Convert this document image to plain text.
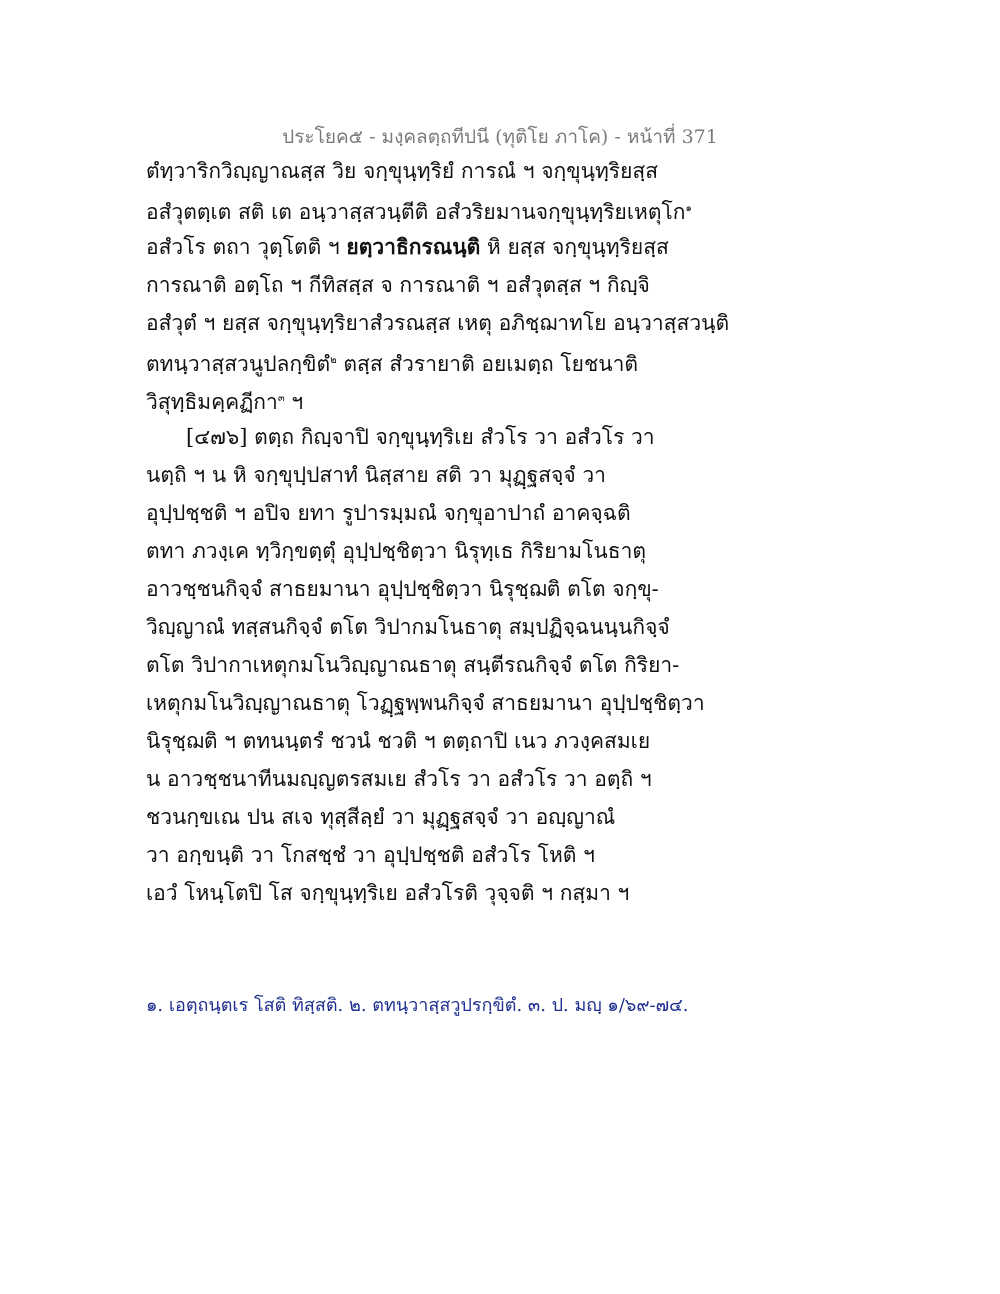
ประโยค๕ - มงฺคลตฺถทีปนี (ทุติโย ภาโค) - หน้าที่ 371
ตํทฺวาริกวิญฺญาณสฺส วิย จกฺขุนฺทฺริยํ การณํ ฯ จกฺขุนฺทฺริยสฺส
อสํวุตตฺเต สติ เต อนฺวาสฺสวนฺตีติ อสํวริยมานจกฺขุนฺทฺริยเหตุโก$^๑$
อสํวโร ตถา วุตฺโตติ ฯ ยตฺวาธิกรณนฺติ หิ ยสฺส จกฺขุนฺทฺริยสฺส
การณาติ อตฺโถ ฯ กีทิสสฺส จ การณาติ ฯ อสํวุตสฺส ฯ กิญฺจิ
อสํวุตํ ฯ ยสฺส จกฺขุนฺทฺริยาสํวรณสฺส เหตุ อภิชฺฌาทโย อนฺวาสฺสวนฺติ
ตทนฺวาสฺสวนูปลกฺขิตํ$^๒$ ตสฺส สํวรายาติ อยเมตฺถ โยชนาติ
วิสุทฺธิมคฺคฏีกา$^๓$ ฯ
[๔๗๖] ตตฺถ กิญฺจาปิ จกฺขุนฺทฺริเย สํวโร วา อสํวโร วา
นตฺถิ ฯ น หิ จกฺขุปฺปสาทํ นิสฺสาย สติ วา มุฏฺฐสจฺจํ วา
อุปฺปชฺชติ ฯ อปิจ ยทา รูปารมฺมณํ จกฺขุอาปาถํ อาคจฺฉติ
ตทา ภวงฺเค ทฺวิกฺขตฺตุํ อุปฺปชฺชิตฺวา นิรุทฺเธ กิริยามโนธาตุ
อาวชฺชนกิจฺจํ สาธยมานา อุปฺปชฺชิตฺวา นิรุชฺฌติ ตโต จกฺขุ-
วิญฺญาณํ ทสฺสนกิจฺจํ ตโต วิปากมโนธาตุ สมฺปฏิจฺฉนนฺนกิจฺจํ
ตโต วิปากาเหตุกมโนวิญฺญาณธาตุ สนฺตีรณกิจฺจํ ตโต กิริยา-
เหตุกมโนวิญฺญาณธาตุ โวฏฺฐพฺพนกิจฺจํ สาธยมานา อุปฺปชฺชิตฺวา
นิรุชฺฌติ ฯ ตทนนฺตรํ ชวนํ ชวติ ฯ ตตฺถาปิ เนว ภวงฺคสมเย
น อาวชฺชนาทีนมญฺญตรสมเย สํวโร วา อสํวโร วา อตฺถิ ฯ
ชวนกฺขเณ ปน สเจ ทุสฺสีลฺยํ วา มุฏฺฐสจฺจํ วา อญฺญาณํ
วา อกฺขนฺติ วา โกสชฺชํ วา อุปฺปชฺชติ อสํวโร โหติ ฯ
เอวํ โหนฺโตปิ โส จกฺขุนฺทฺริเย อสํวโรติ วุจฺจติ ฯ กสฺมา ฯ
๑. เอตฺถนฺตเร โสติ ทิสฺสติ. ๒. ตทนฺวาสฺสวูปรกฺขิตํ. ๓. ป. มญฺ ๑/๖๙-๗๔.
